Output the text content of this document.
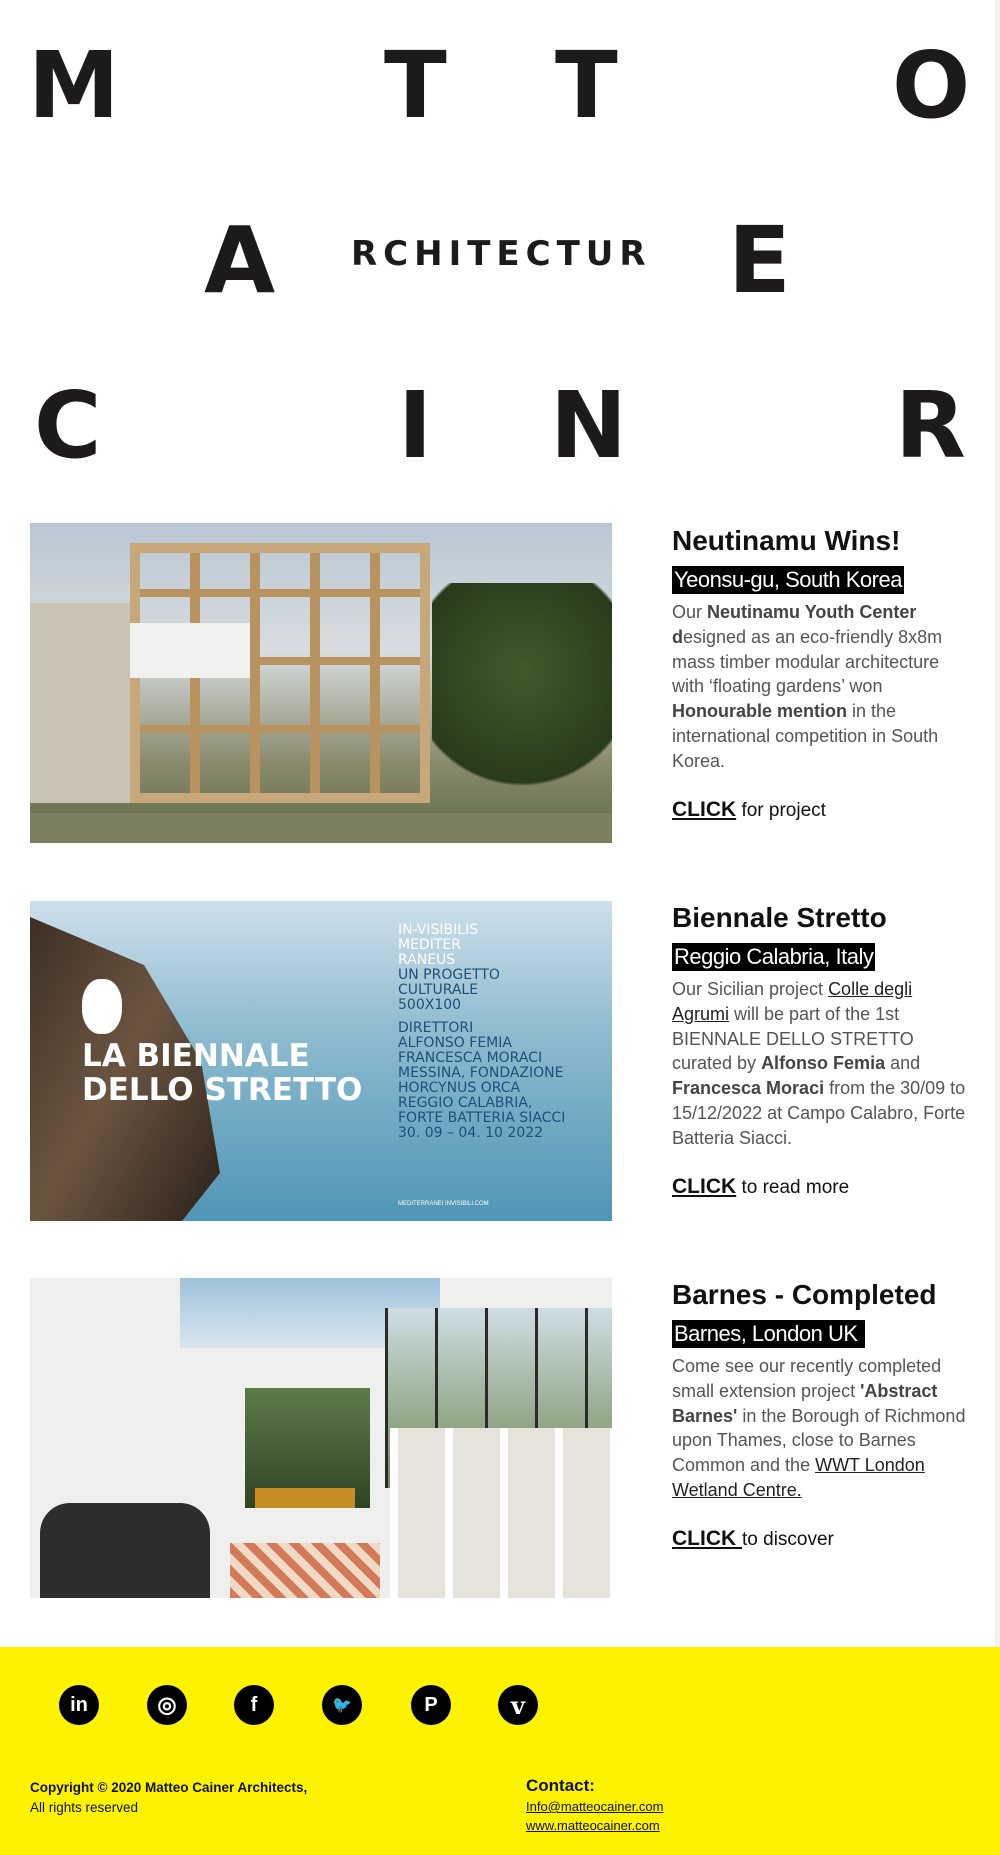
M	T T	O
A RCHITECTUR E
C	I N	R
Neutinamu Wins!
Yeonsu-gu, South Korea
Our Neutinamu Youth Center designed as an eco-friendly 8x8m mass timber modular architecture with ‘floating gardens’ won Honourable mention in the international competition in South Korea.
CLICK for project
LA BIENNALE
DELLO STRETTO
IN-VISIBILIS
MEDITER
RANEUS
UN PROGETTO
CULTURALE
500X100
DIRETTORI
ALFONSO FEMIA
FRANCESCA MORACI
MESSINA, FONDAZIONE
HORCYNUS ORCA
REGGIO CALABRIA,
FORTE BATTERIA SIACCI
30. 09 – 04. 10 2022
MEDITERRANEI INVISIBILI.COM
Biennale Stretto
Reggio Calabria, Italy
Our Sicilian project Colle degli Agrumi will be part of the 1st BIENNALE DELLO STRETTO curated by Alfonso Femia and Francesca Moraci from the 30/09 to 15/12/2022 at Campo Calabro, Forte Batteria Siacci.
CLICK to read more
Barnes - Completed
Barnes, London UK
Come see our recently completed small extension project 'Abstract Barnes' in the Borough of Richmond upon Thames, close to Barnes Common and the WWT London Wetland Centre.
CLICK to discover
in	◎	f	🐦	P	v
Copyright © 2020 Matteo Cainer Architects,
All rights reserved
Contact:
Info@matteocainer.com
www.matteocainer.com
